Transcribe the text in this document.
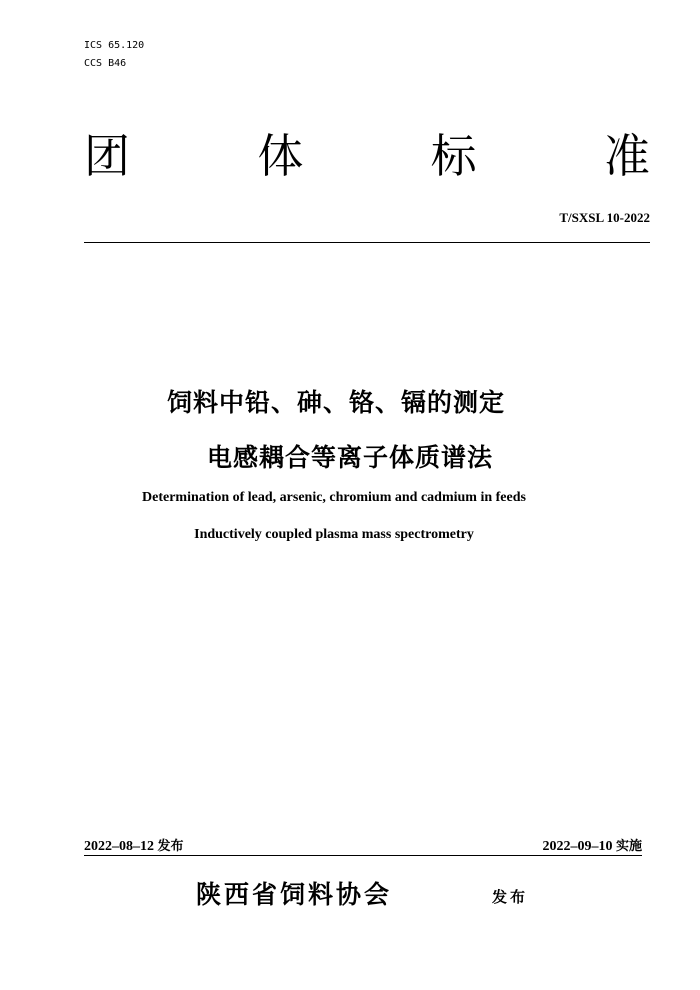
ICS 65.120
CCS B46
团	体	标	准
T/SXSL 10-2022
饲料中铅、砷、铬、镉的测定
电感耦合等离子体质谱法
Determination of lead, arsenic, chromium and cadmium in feeds
Inductively coupled plasma mass spectrometry
2022–08–12 发布	2022–09–10 实施
陕西省饲料协会	发布
